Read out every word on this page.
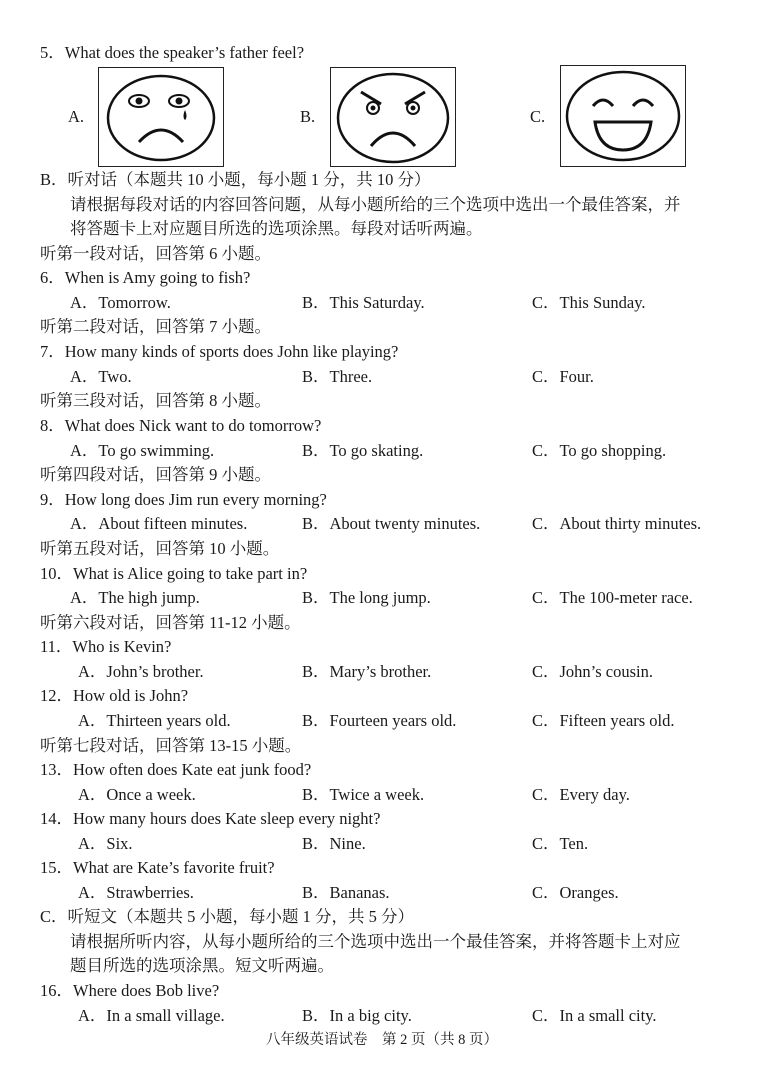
5．What does the speaker’s father feel?
A.	B.	C.
B．听对话（本题共 10 小题，每小题 1 分，共 10 分）
请根据每段对话的内容回答问题，从每小题所给的三个选项中选出一个最佳答案，并
将答题卡上对应题目所选的选项涂黑。每段对话听两遍。
听第一段对话，回答第 6 小题。
6．When is Amy going to fish?
A．Tomorrow.	B．This Saturday.	C．This Sunday.
听第二段对话，回答第 7 小题。
7．How many kinds of sports does John like playing?
A．Two.	B．Three.	C．Four.
听第三段对话，回答第 8 小题。
8．What does Nick want to do tomorrow?
A．To go swimming.	B．To go skating.	C．To go shopping.
听第四段对话，回答第 9 小题。
9．How long does Jim run every morning?
A．About fifteen minutes.	B．About twenty minutes.	C．About thirty minutes.
听第五段对话，回答第 10 小题。
10．What is Alice going to take part in?
A．The high jump.	B．The long jump.	C．The 100-meter race.
听第六段对话，回答第 11-12 小题。
11．Who is Kevin?
A．John’s brother.	B．Mary’s brother.	C．John’s cousin.
12．How old is John?
A．Thirteen years old.	B．Fourteen years old.	C．Fifteen years old.
听第七段对话，回答第 13-15 小题。
13．How often does Kate eat junk food?
A．Once a week.	B．Twice a week.	C．Every day.
14．How many hours does Kate sleep every night?
A．Six.	B．Nine.	C．Ten.
15．What are Kate’s favorite fruit?
A．Strawberries.	B．Bananas.	C．Oranges.
C．听短文（本题共 5 小题，每小题 1 分，共 5 分）
请根据所听内容，从每小题所给的三个选项中选出一个最佳答案，并将答题卡上对应
题目所选的选项涂黑。短文听两遍。
16．Where does Bob live?
A．In a small village.	B．In a big city.	C．In a small city.
八年级英语试卷　第 2 页（共 8 页）
